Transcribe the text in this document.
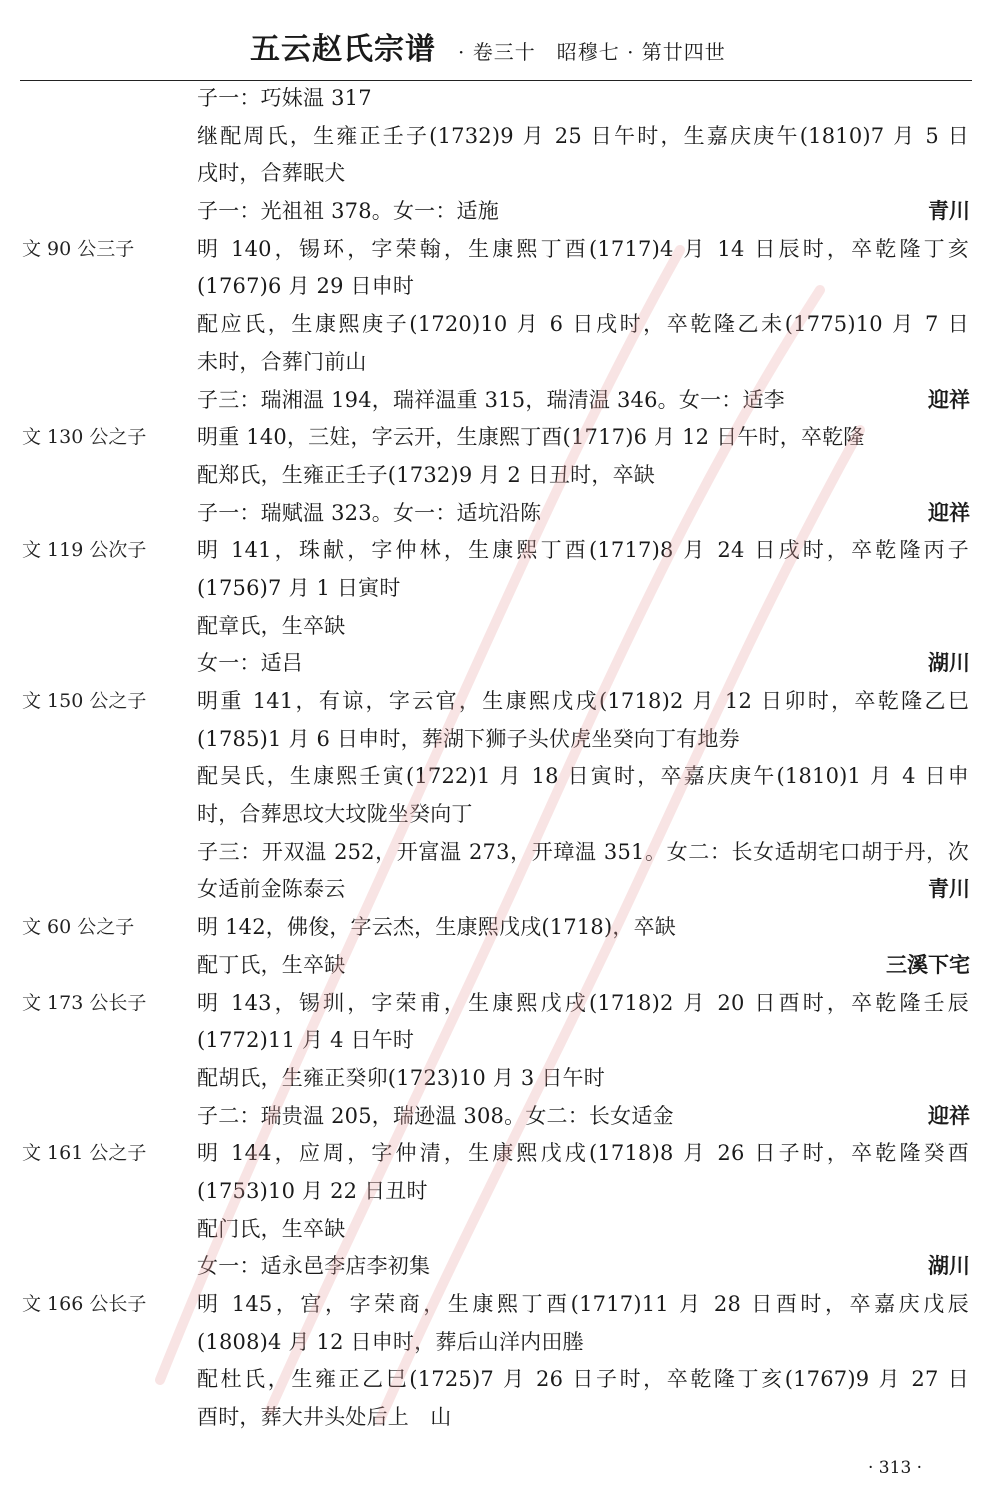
五云赵氏宗谱 · 卷三十　昭穆七 · 第廿四世
子一：巧妹温 317
继配周氏，生雍正壬子(1732)9 月 25 日午时，生嘉庆庚午(1810)7 月 5 日
戌时，合葬眠犬
子一：光祖祖 378。女一：适施	青川
文 90 公三子	明 140，锡环，字荣翰，生康熙丁酉(1717)4 月 14 日辰时，卒乾隆丁亥
(1767)6 月 29 日申时
配应氏，生康熙庚子(1720)10 月 6 日戌时，卒乾隆乙未(1775)10 月 7 日
未时，合葬门前山
子三：瑞湘温 194，瑞祥温重 315，瑞清温 346。女一：适李	迎祥
文 130 公之子 明重 140，三妵，字云开，生康熙丁酉(1717)6 月 12 日午时，卒乾隆
配郑氏，生雍正壬子(1732)9 月 2 日丑时，卒缺
子一：瑞赋温 323。女一：适坑沿陈	迎祥
文 119 公次子 明 141，珠献，字仲林，生康熙丁酉(1717)8 月 24 日戌时，卒乾隆丙子
(1756)7 月 1 日寅时
配章氏，生卒缺
女一：适吕	湖川
文 150 公之子 明重 141，有谅，字云官，生康熙戊戌(1718)2 月 12 日卯时，卒乾隆乙巳
(1785)1 月 6 日申时，葬湖下狮子头伏虎坐癸向丁有地券
配吴氏，生康熙壬寅(1722)1 月 18 日寅时，卒嘉庆庚午(1810)1 月 4 日申
时，合葬思坟大坟陇坐癸向丁
子三：开双温 252，开富温 273，开璋温 351。女二：长女适胡宅口胡于丹，次
女适前金陈泰云	青川
文 60 公之子	明 142，佛俊，字云杰，生康熙戊戌(1718)，卒缺
配丁氏，生卒缺	三溪下宅
文 173 公长子 明 143，锡玔，字荣甫，生康熙戊戌(1718)2 月 20 日酉时，卒乾隆壬辰
(1772)11 月 4 日午时
配胡氏，生雍正癸卯(1723)10 月 3 日午时
子二：瑞贵温 205，瑞逊温 308。女二：长女适金	迎祥
文 161 公之子 明 144，应周，字仲清，生康熙戊戌(1718)8 月 26 日子时，卒乾隆癸酉
(1753)10 月 22 日丑时
配门氏，生卒缺
女一：适永邑李店李初集	湖川
文 166 公长子 明 145，宫，字荣商，生康熙丁酉(1717)11 月 28 日酉时，卒嘉庆戊辰
(1808)4 月 12 日申时，葬后山洋内田塍
配杜氏，生雍正乙巳(1725)7 月 26 日子时，卒乾隆丁亥(1767)9 月 27 日
酉时，葬大井头处后上　山
· 313 ·
